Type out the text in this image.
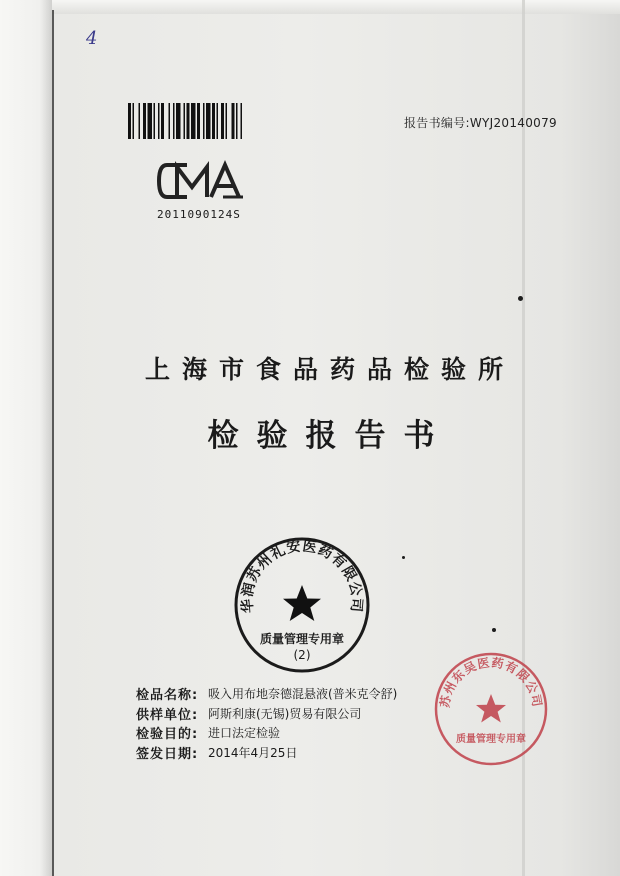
4
报告书编号:WYJ20140079
2011090124S
上海市食品药品检验所
检验报告书
华润苏州礼安医药有限公司
质量管理专用章
(2)
苏州东吴医药有限公司
质量管理专用章
检品名称: 吸入用布地奈德混悬液(普米克令舒)
供样单位: 阿斯利康(无锡)贸易有限公司
检验目的: 进口法定检验
签发日期: 2014年4月25日
